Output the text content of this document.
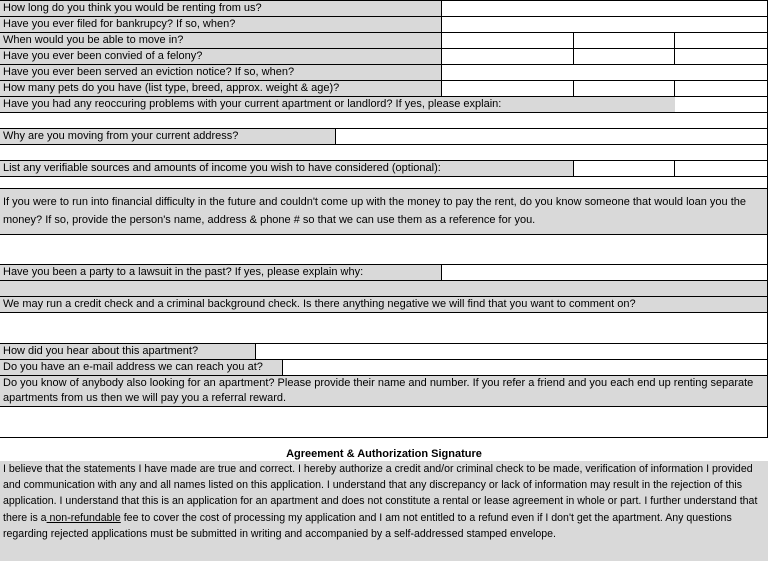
How long do you think you would be renting from us?
Have you ever filed for bankrupcy? If so, when?
When would you be able to move in?
Have you ever been convied of a felony?
Have you ever been served an eviction notice? If so, when?
How many pets do you have (list type, breed, approx. weight & age)?
Have you had any reoccuring problems with your current apartment or landlord? If yes, please explain:
Why are you moving from your current address?
List any verifiable sources and amounts of income you wish to have considered (optional):
If you were to run into financial difficulty in the future and couldn't come up with the money to pay the rent, do you know someone that would loan you the money? If so, provide the person's name, address & phone # so that we can use them as a reference for you.
Have you been a party to a lawsuit in the past? If yes, please explain why:
We may run a credit check and a criminal background check. Is there anything negative we will find that you want to comment on?
How did you hear about this apartment?
Do you have an e-mail address we can reach you at?
Do you know of anybody also looking for an apartment? Please provide their name and number. If you refer a friend and you each end up renting separate apartments from us then we will pay you a referral reward.
Agreement & Authorization Signature
I believe that the statements I have made are true and correct. I hereby authorize a credit and/or criminal check to be made, verification of information I provided and communication with any and all names listed on this application. I understand that any discrepancy or lack of information may result in the rejection of this application. I understand that this is an application for an apartment and does not constitute a rental or lease agreement in whole or part. I further understand that there is a non-refundable fee to cover the cost of processing my application and I am not entitled to a refund even if I don't get the apartment. Any questions regarding rejected applications must be submitted in writing and accompanied by a self-addressed stamped envelope.
